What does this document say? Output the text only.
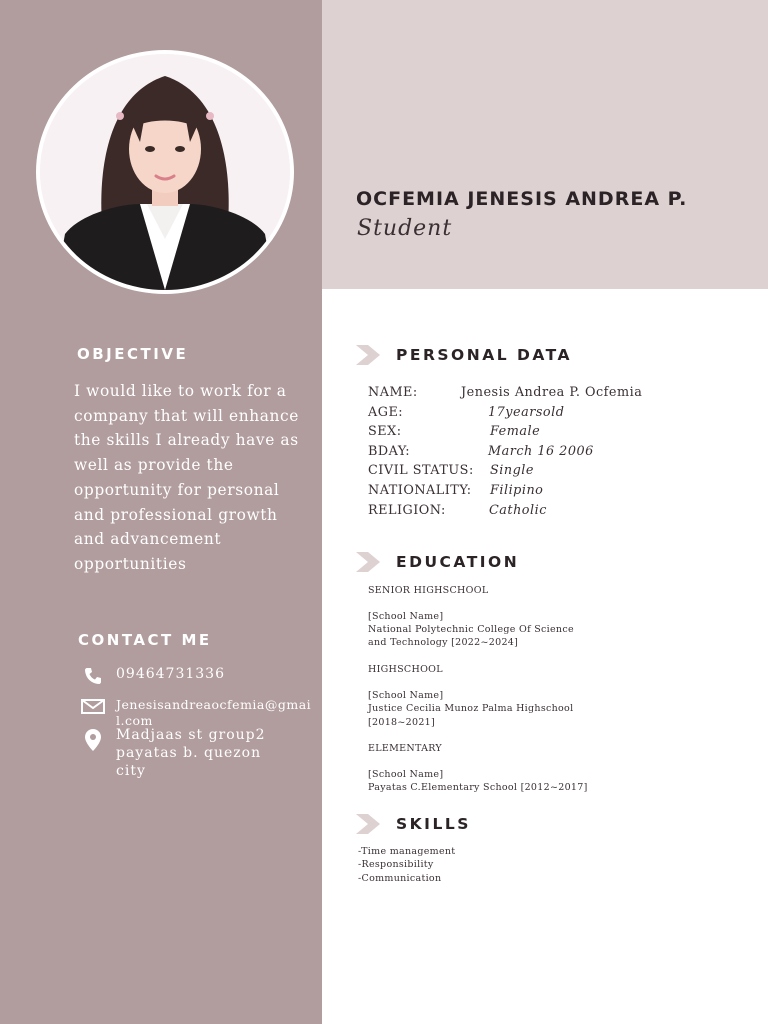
OCFEMIA JENESIS ANDREA P.
Student
OBJECTIVE
I would like to work for a company that will enhance the skills I already have as well as provide the opportunity for personal and professional growth and advancement opportunities
CONTACT ME
09464731336
Jenesisandreaocfemia@gmail.com
Madjaas st group2 payatas b. quezon city
PERSONAL DATA
NAME:	Jenesis Andrea P. Ocfemia
AGE:	17yearsold
SEX:	Female
BDAY:	March 16 2006
CIVIL STATUS: Single
NATIONALITY: Filipino
RELIGION:	Catholic
EDUCATION
SENIOR HIGHSCHOOL
[School Name]
National Polytechnic College Of Science
and Technology [2022~2024]
HIGHSCHOOL
[School Name]
Justice Cecilia Munoz Palma Highschool
[2018~2021]
ELEMENTARY
[School Name]
Payatas C.Elementary School [2012~2017]
SKILLS
-Time management
-Responsibility
-Communication
